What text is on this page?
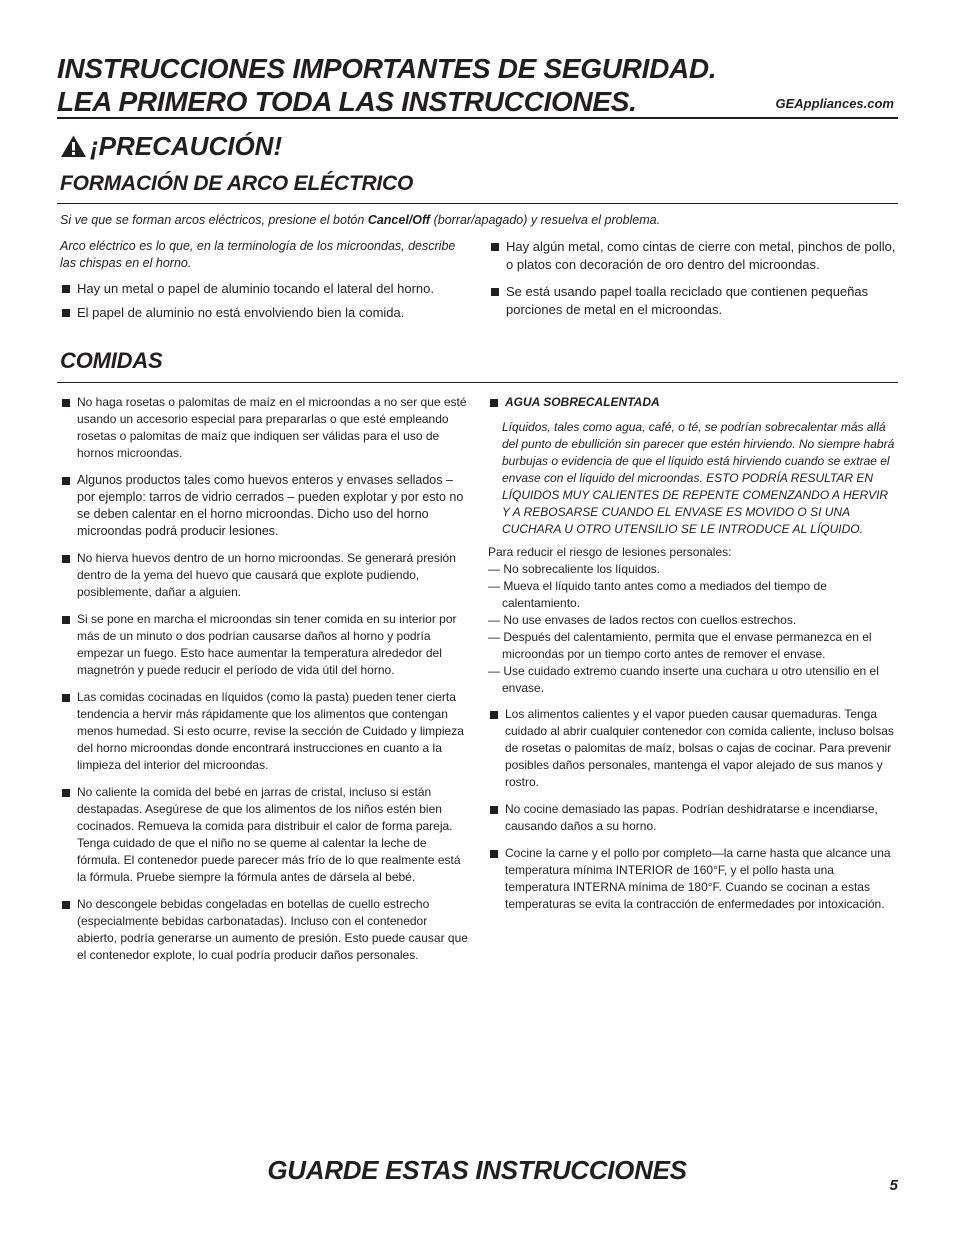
INSTRUCCIONES IMPORTANTES DE SEGURIDAD.
LEA PRIMERO TODA LAS INSTRUCCIONES.	GEAppliances.com
¡PRECAUCIÓN!
FORMACIÓN DE ARCO ELÉCTRICO
Si ve que se forman arcos eléctricos, presione el botón Cancel/Off (borrar/apagado) y resuelva el problema.

Arco eléctrico es lo que, en la terminología de los microondas, describe las chispas en el horno.

Hay un metal o papel de aluminio tocando el lateral del horno.

El papel de aluminio no está envolviendo bien la comida.

Hay algún metal, como cintas de cierre con metal, pinchos de pollo, o platos con decoración de oro dentro del microondas.

Se está usando papel toalla reciclado que contienen pequeñas porciones de metal en el microondas.

COMIDAS

No haga rosetas o palomitas de maíz en el microondas a no ser que esté usando un accesorio especial para prepararlas o que esté empleando rosetas o palomitas de maíz que indiquen ser válidas para el uso de hornos microondas.

Algunos productos tales como huevos enteros y envases sellados – por ejemplo: tarros de vidrio cerrados – pueden explotar y por esto no se deben calentar en el horno microondas. Dicho uso del horno microondas podrá producir lesiones.

No hierva huevos dentro de un horno microondas. Se generará presión dentro de la yema del huevo que causará que explote pudiendo, posiblemente, dañar a alguien.

Si se pone en marcha el microondas sin tener comida en su interior por más de un minuto o dos podrían causarse daños al horno y podría empezar un fuego. Esto hace aumentar la temperatura alrededor del magnetrón y puede reducir el período de vida útil del horno.

Las comidas cocinadas en líquidos (como la pasta) pueden tener cierta tendencia a hervir más rápidamente que los alimentos que contengan menos humedad. Si esto ocurre, revise la sección de Cuidado y limpieza del horno microondas donde encontrará instrucciones en cuanto a la limpieza del interior del microondas.

No caliente la comida del bebé en jarras de cristal, incluso si están destapadas. Asegúrese de que los alimentos de los niños estén bien cocinados. Remueva la comida para distribuir el calor de forma pareja. Tenga cuidado de que el niño no se queme al calentar la leche de fórmula. El contenedor puede parecer más frío de lo que realmente está la fórmula. Pruebe siempre la fórmula antes de dársela al bebé.

No descongele bebidas congeladas en botellas de cuello estrecho (especialmente bebidas carbonatadas). Incluso con el contenedor abierto, podría generarse un aumento de presión. Esto puede causar que el contenedor explote, lo cual podría producir daños personales.

AGUA SOBRECALENTADA

Líquidos, tales como agua, café, o té, se podrían sobrecalentar más allá del punto de ebullición sin parecer que estén hirviendo. No siempre habrá burbujas o evidencia de que el líquido está hirviendo cuando se extrae el envase con el líquido del microondas. ESTO PODRÍA RESULTAR EN LÍQUIDOS MUY CALIENTES DE REPENTE COMENZANDO A HERVIR Y A REBOSARSE CUANDO EL ENVASE ES MOVIDO O SI UNA CUCHARA U OTRO UTENSILIO SE LE INTRODUCE AL LÍQUIDO.

Para reducir el riesgo de lesiones personales:

— No sobrecaliente los líquidos.

— Mueva el líquido tanto antes como a mediados del tiempo de calentamiento.

— No use envases de lados rectos con cuellos estrechos.

— Después del calentamiento, permita que el envase permanezca en el microondas por un tiempo corto antes de remover el envase.

— Use cuidado extremo cuando inserte una cuchara u otro utensilio en el envase.

Los alimentos calientes y el vapor pueden causar quemaduras. Tenga cuidado al abrir cualquier contenedor con comida caliente, incluso bolsas de rosetas o palomitas de maíz, bolsas o cajas de cocinar. Para prevenir posibles daños personales, mantenga el vapor alejado de sus manos y rostro.

No cocine demasiado las papas. Podrían deshidratarse e incendiarse, causando daños a su horno.

Cocine la carne y el pollo por completo—la carne hasta que alcance una temperatura mínima INTERIOR de 160°F, y el pollo hasta una temperatura INTERNA mínima de 180°F. Cuando se cocinan a estas temperaturas se evita la contracción de enfermedades por intoxicación.

GUARDE ESTAS INSTRUCCIONES
5
